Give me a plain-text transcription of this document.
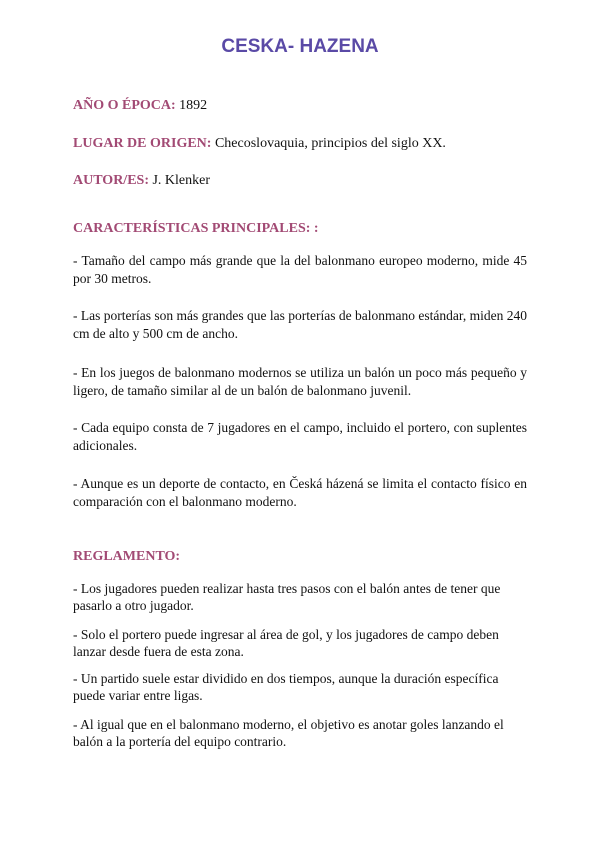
CESKA- HAZENA
AÑO O ÉPOCA: 1892
LUGAR DE ORIGEN: Checoslovaquia, principios del siglo XX.
AUTOR/ES: J. Klenker
CARACTERÍSTICAS PRINCIPALES: :
- Tamaño del campo más grande que la del balonmano europeo moderno, mide 45 por 30 metros.
- Las porterías son más grandes que las porterías de balonmano estándar, miden 240 cm de alto y 500 cm de ancho.
- En los juegos de balonmano modernos se utiliza un balón un poco más pequeño y ligero, de tamaño similar al de un balón de balonmano juvenil.
- Cada equipo consta de 7 jugadores en el campo, incluido el portero, con suplentes adicionales.
- Aunque es un deporte de contacto, en Česká házená se limita el contacto físico en comparación con el balonmano moderno.
REGLAMENTO:
- Los jugadores pueden realizar hasta tres pasos con el balón antes de tener que pasarlo a otro jugador.
- Solo el portero puede ingresar al área de gol, y los jugadores de campo deben lanzar desde fuera de esta zona.
- Un partido suele estar dividido en dos tiempos, aunque la duración específica puede variar entre ligas.
- Al igual que en el balonmano moderno, el objetivo es anotar goles lanzando el balón a la portería del equipo contrario.
